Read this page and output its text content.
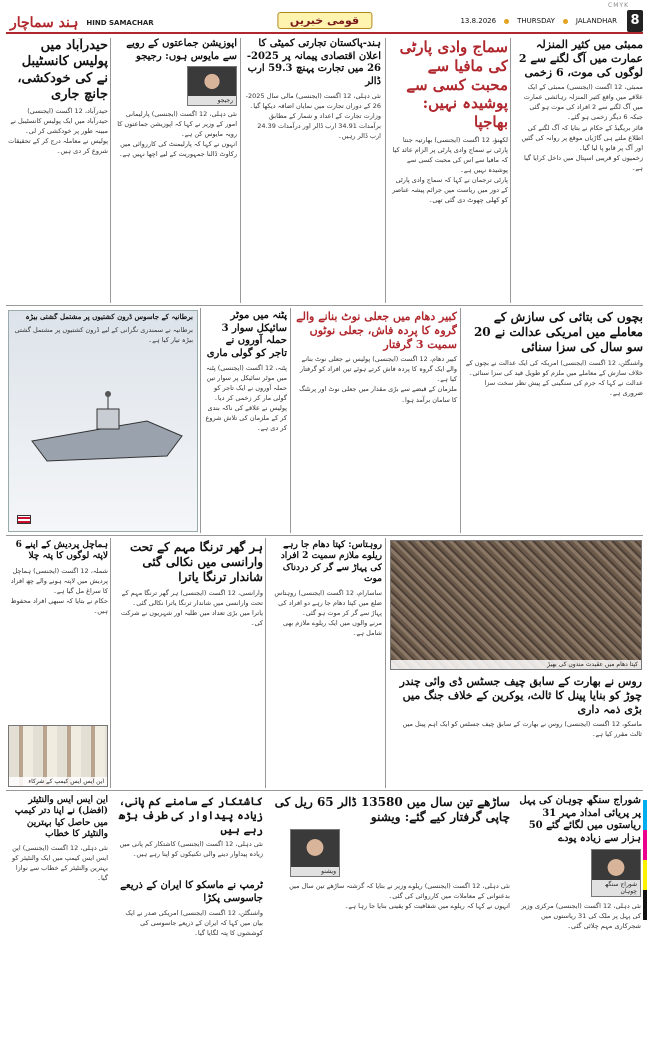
CMYK
ہند سماچار HIND SAMACHAR	قومی خبریں	13.8.2026	THURSDAY	JALANDHAR 8
ممبئی میں کثیر المنزلہ عمارت میں آگ لگنے سے 2 لوگوں کی موت، 6 زخمی
ممبئی، 12 اگست (ایجنسی) ممبئی کے ایک علاقے میں واقع کثیر المنزلہ رہائشی عمارت میں آگ لگنے سے 2 افراد کی موت ہو گئی جبکہ 6 دیگر زخمی ہو گئے۔
فائر بریگیڈ کے حکام نے بتایا کہ آگ لگنے کی اطلاع ملتے ہی گاڑیاں موقع پر روانہ کی گئیں اور آگ پر قابو پا لیا گیا۔
زخمیوں کو قریبی اسپتال میں داخل کرایا گیا ہے۔
سماج وادی پارٹی کی مافیا سے محبت کسی سے پوشیدہ نہیں: بھاجپا
لکھنؤ، 12 اگست (ایجنسی) بھارتیہ جنتا پارٹی نے سماج وادی پارٹی پر الزام عائد کیا کہ مافیا سے اس کی محبت کسی سے پوشیدہ نہیں ہے۔
پارٹی ترجمان نے کہا کہ سماج وادی پارٹی کے دور میں ریاست میں جرائم پیشہ عناصر کو کھلی چھوٹ دی گئی تھی۔
ہند-پاکستان تجارتی کمیٹی کا اعلان اقتصادی پیمانہ پر 2025-26 میں تجارت پہنچ 59.3 ارب ڈالر
نئی دہلی، 12 اگست (ایجنسی) مالی سال 2025-26 کے دوران تجارت میں نمایاں اضافہ دیکھا گیا۔
وزارت تجارت کے اعداد و شمار کے مطابق برآمدات 34.91 ارب ڈالر اور درآمدات 24.39 ارب ڈالر رہیں۔
اپوزیشن جماعتوں کے رویے سے مایوس ہوں: رجیجو
رجیجو
نئی دہلی، 12 اگست (ایجنسی) پارلیمانی امور کے وزیر نے کہا کہ اپوزیشن جماعتوں کا رویہ مایوس کن ہے۔
انہوں نے کہا کہ پارلیمنٹ کی کارروائی میں رکاوٹ ڈالنا جمہوریت کے لیے اچھا نہیں ہے۔
حیدرآباد میں پولیس کانسٹیبل نے کی خودکشی، جانچ جاری
حیدرآباد، 12 اگست (ایجنسی) حیدرآباد میں ایک پولیس کانسٹیبل نے مبینہ طور پر خودکشی کر لی۔
پولیس نے معاملہ درج کر کے تحقیقات شروع کر دی ہیں۔
برطانیہ کے جاسوس ڈرون کشتیوں پر مشتمل گشتی بیڑہ
برطانیہ نے سمندری نگرانی کے لیے ڈرون کشتیوں پر مشتمل گشتی بیڑہ تیار کیا ہے۔
پٹنہ میں موٹر سائیکل سوار 3 حملہ آوروں نے تاجر کو گولی ماری
پٹنہ، 12 اگست (ایجنسی) پٹنہ میں موٹر سائیکل پر سوار تین حملہ آوروں نے ایک تاجر کو گولی مار کر زخمی کر دیا۔
پولیس نے علاقے کی ناکہ بندی کر کے ملزمان کی تلاش شروع کر دی ہے۔
کبیر دھام میں جعلی نوٹ بنانے والے گروہ کا پردہ فاش، جعلی نوٹوں سمیت 3 گرفتار
کبیر دھام، 12 اگست (ایجنسی) پولیس نے جعلی نوٹ بنانے والے ایک گروہ کا پردہ فاش کرتے ہوئے تین افراد کو گرفتار کیا ہے۔
ملزمان کے قبضے سے بڑی مقدار میں جعلی نوٹ اور پرنٹنگ کا سامان برآمد ہوا۔
بچوں کی بتائی کی سازش کے معاملے میں امریکی عدالت نے 20 سو سال کی سزا سنائی
واشنگٹن، 12 اگست (ایجنسی) امریکہ کی ایک عدالت نے بچوں کے خلاف سازش کے معاملے میں ملزم کو طویل قید کی سزا سنائی۔
عدالت نے کہا کہ جرم کی سنگینی کے پیش نظر سخت سزا ضروری ہے۔
ہماچل پردیش کے اپنے 6 لاپتہ لوگوں کا پتہ چلا
شملہ، 12 اگست (ایجنسی) ہماچل پردیش میں لاپتہ ہونے والے چھ افراد کا سراغ مل گیا ہے۔
حکام نے بتایا کہ سبھی افراد محفوظ ہیں۔
ہر گھر ترنگا مہم کے تحت وارانسی میں نکالی گئی شاندار ترنگا یاترا
وارانسی، 12 اگست (ایجنسی) ہر گھر ترنگا مہم کے تحت وارانسی میں شاندار ترنگا یاترا نکالی گئی۔
یاترا میں بڑی تعداد میں طلبہ اور شہریوں نے شرکت کی۔
روہتاس: کپتا دھام جا رہے ریلوے ملازم سمیت 2 افراد کی پہاڑ سے گر کر دردناک موت
ساسارام، 12 اگست (ایجنسی) روہتاس ضلع میں کپتا دھام جا رہے دو افراد کی پہاڑ سے گر کر موت ہو گئی۔
مرنے والوں میں ایک ریلوے ملازم بھی شامل ہے۔
کپتا دھام میں عقیدت مندوں کی بھیڑ
روس نے بھارت کے سابق چیف جسٹس ڈی وائی چندر چوڑ کو بنایا پینل کا ثالث، یوکرین کے خلاف جنگ میں بڑی ذمہ داری
ماسکو، 12 اگست (ایجنسی) روس نے بھارت کے سابق چیف جسٹس کو ایک اہم پینل میں ثالث مقرر کیا ہے۔
این ایس ایس کیمپ کے شرکاء
این ایس ایس والنٹیئر (افضل) نے اپنا دتر کیمپ میں حاصل کیا بہترین والنٹیئر کا خطاب
نئی دہلی، 12 اگست (ایجنسی) این ایس ایس کیمپ میں ایک والنٹیئر کو بہترین والنٹیئر کے خطاب سے نوازا گیا۔
کاشتکار کے سامنے کم پانی، زیادہ پیداوار کی طرف بڑھ رہے ہیں
نئی دہلی، 12 اگست (ایجنسی) کاشتکار کم پانی میں زیادہ پیداوار دینے والی تکنیکوں کو اپنا رہے ہیں۔
ٹرمپ نے ماسکو کا ایران کے ذریعے جاسوسی پکڑا
واشنگٹن، 12 اگست (ایجنسی) امریکی صدر نے ایک بیان میں کہا کہ ایران کے ذریعے جاسوسی کی کوششوں کا پتہ لگایا گیا۔
ساڑھے تین سال میں 13580 ڈالر 65 ریل کی چاپی گرفتار کیے گئے: ویشنو
ویشنو
نئی دہلی، 12 اگست (ایجنسی) ریلوے وزیر نے بتایا کہ گزشتہ ساڑھے تین سال میں بدعنوانی کے معاملات میں کارروائی کی گئی۔
انہوں نے کہا کہ ریلوے میں شفافیت کو یقینی بنایا جا رہا ہے۔
شوراج سنگھ چوہان کی پہل پر پریائی امداد مہر 31 ریاستوں میں لگائے گئے 50 ہزار سے زیادہ پودے
شوراج سنگھ چوہان
نئی دہلی، 12 اگست (ایجنسی) مرکزی وزیر کی پہل پر ملک کی 31 ریاستوں میں شجرکاری مہم چلائی گئی۔
